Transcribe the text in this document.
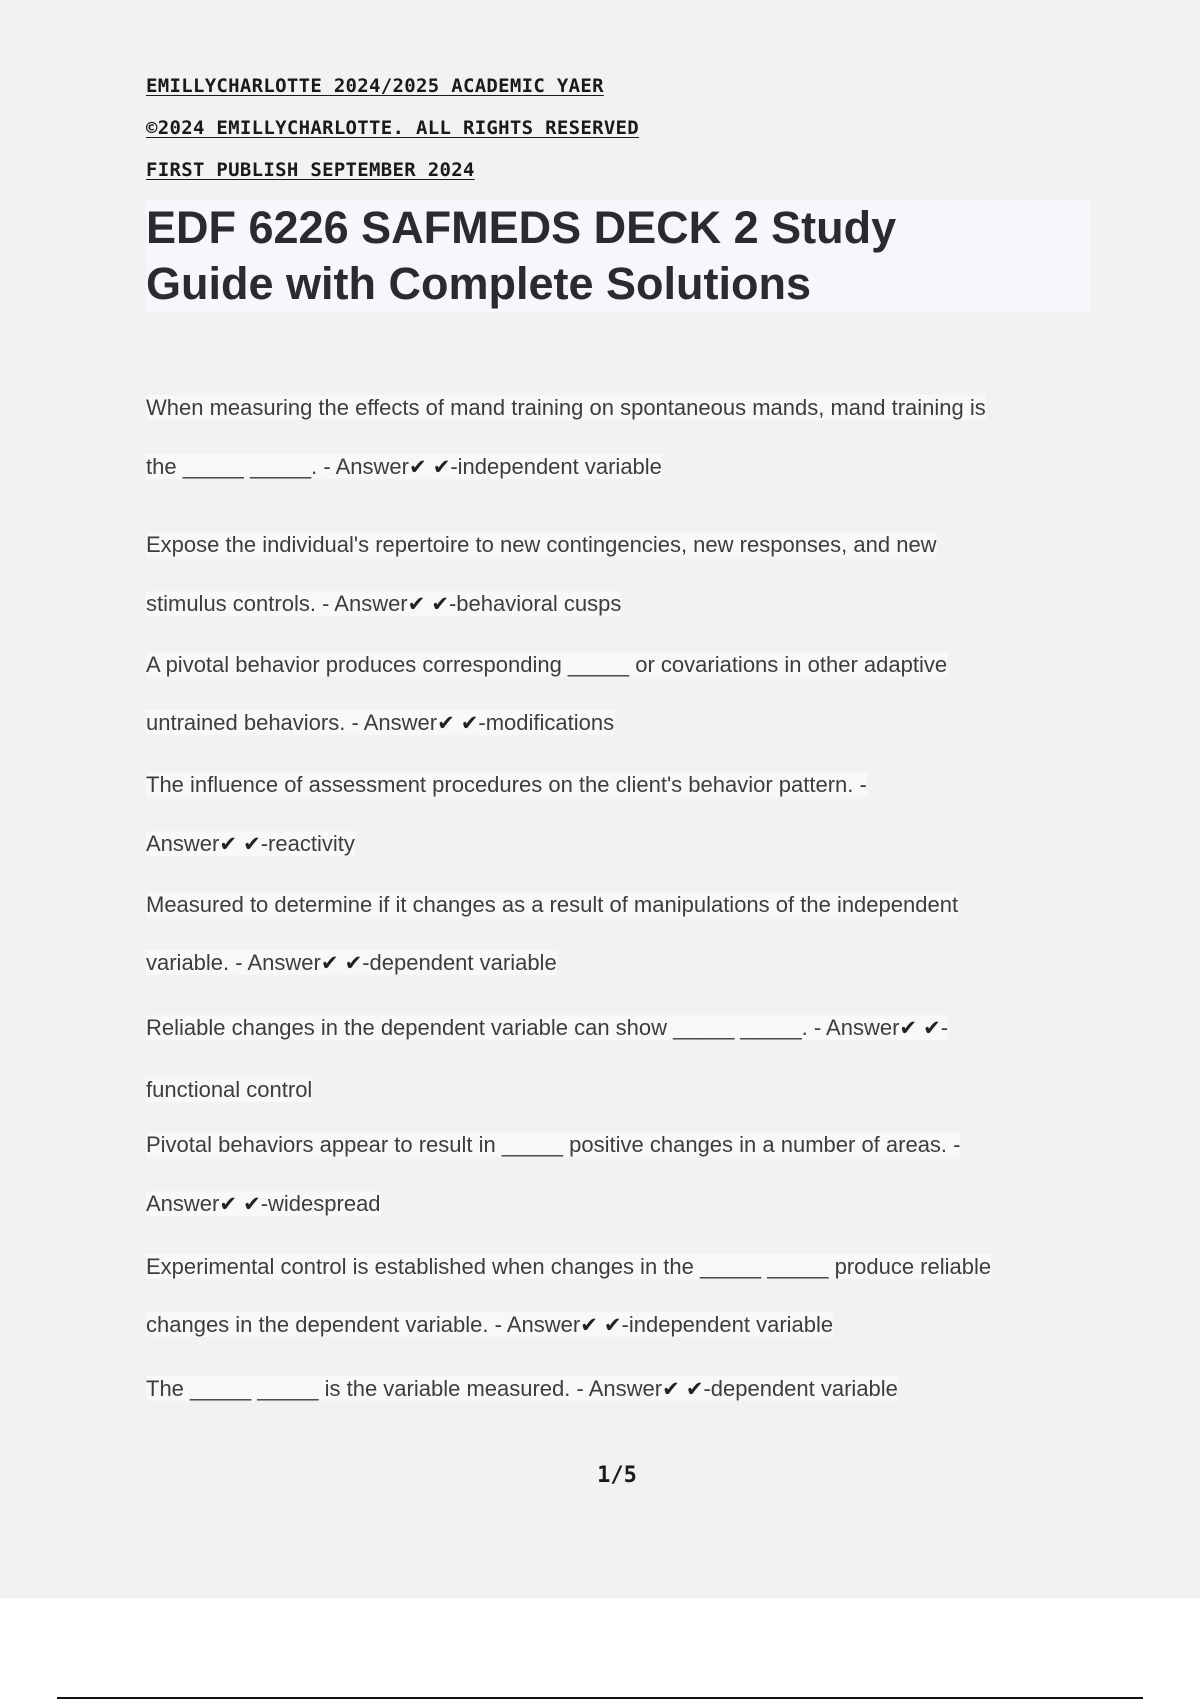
EMILLYCHARLOTTE 2024/2025 ACADEMIC YAER
©2024 EMILLYCHARLOTTE. ALL RIGHTS RESERVED
FIRST PUBLISH SEPTEMBER 2024
EDF 6226 SAFMEDS DECK 2 Study
Guide with Complete Solutions
When measuring the effects of mand training on spontaneous mands, mand training is
the _____ _____. - Answer✔ ✔-independent variable
Expose the individual's repertoire to new contingencies, new responses, and new
stimulus controls. - Answer✔ ✔-behavioral cusps
A pivotal behavior produces corresponding _____ or covariations in other adaptive
untrained behaviors. - Answer✔ ✔-modifications
The influence of assessment procedures on the client's behavior pattern. -
Answer✔ ✔-reactivity
Measured to determine if it changes as a result of manipulations of the independent
variable. - Answer✔ ✔-dependent variable
Reliable changes in the dependent variable can show _____ _____. - Answer✔ ✔-
functional control
Pivotal behaviors appear to result in _____ positive changes in a number of areas. -
Answer✔ ✔-widespread
Experimental control is established when changes in the _____ _____ produce reliable
changes in the dependent variable. - Answer✔ ✔-independent variable
The _____ _____ is the variable measured. - Answer✔ ✔-dependent variable
1/5
